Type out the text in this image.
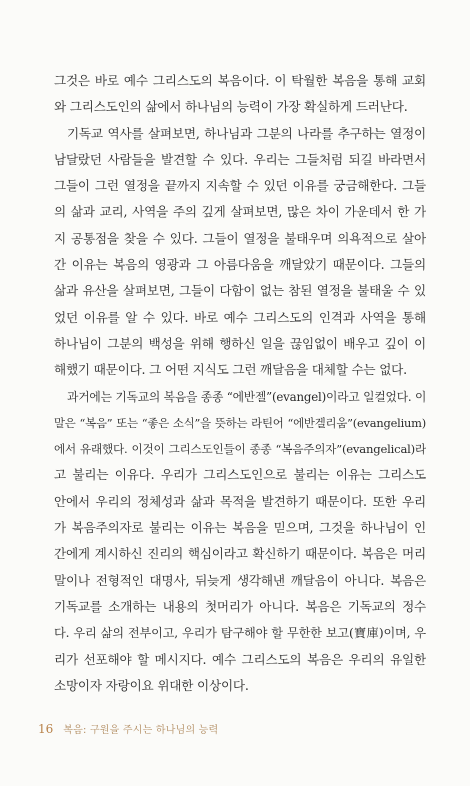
그것은 바로 예수 그리스도의 복음이다. 이 탁월한 복음을 통해 교회
와 그리스도인의 삶에서 하나님의 능력이 가장 확실하게 드러난다.
기독교 역사를 살펴보면, 하나님과 그분의 나라를 추구하는 열정이
남달랐던 사람들을 발견할 수 있다. 우리는 그들처럼 되길 바라면서
그들이 그런 열정을 끝까지 지속할 수 있던 이유를 궁금해한다. 그들
의 삶과 교리, 사역을 주의 깊게 살펴보면, 많은 차이 가운데서 한 가
지 공통점을 찾을 수 있다. 그들이 열정을 불태우며 의욕적으로 살아
간 이유는 복음의 영광과 그 아름다움을 깨달았기 때문이다. 그들의
삶과 유산을 살펴보면, 그들이 다함이 없는 참된 열정을 불태울 수 있
었던 이유를 알 수 있다. 바로 예수 그리스도의 인격과 사역을 통해
하나님이 그분의 백성을 위해 행하신 일을 끊임없이 배우고 깊이 이
해했기 때문이다. 그 어떤 지식도 그런 깨달음을 대체할 수는 없다.
과거에는 기독교의 복음을 종종 “에반젤”(evangel)이라고 일컬었다. 이
말은 “복음” 또는 “좋은 소식”을 뜻하는 라틴어 “에반겔리움”(evangelium)
에서 유래했다. 이것이 그리스도인들이 종종 “복음주의자”(evangelical)라
고 불리는 이유다. 우리가 그리스도인으로 불리는 이유는 그리스도
안에서 우리의 정체성과 삶과 목적을 발견하기 때문이다. 또한 우리
가 복음주의자로 불리는 이유는 복음을 믿으며, 그것을 하나님이 인
간에게 계시하신 진리의 핵심이라고 확신하기 때문이다. 복음은 머리
말이나 전형적인 대명사, 뒤늦게 생각해낸 깨달음이 아니다. 복음은
기독교를 소개하는 내용의 첫머리가 아니다. 복음은 기독교의 정수
다. 우리 삶의 전부이고, 우리가 탐구해야 할 무한한 보고(寶庫)이며, 우
리가 선포해야 할 메시지다. 예수 그리스도의 복음은 우리의 유일한
소망이자 자랑이요 위대한 이상이다.
16 복음: 구원을 주시는 하나님의 능력
